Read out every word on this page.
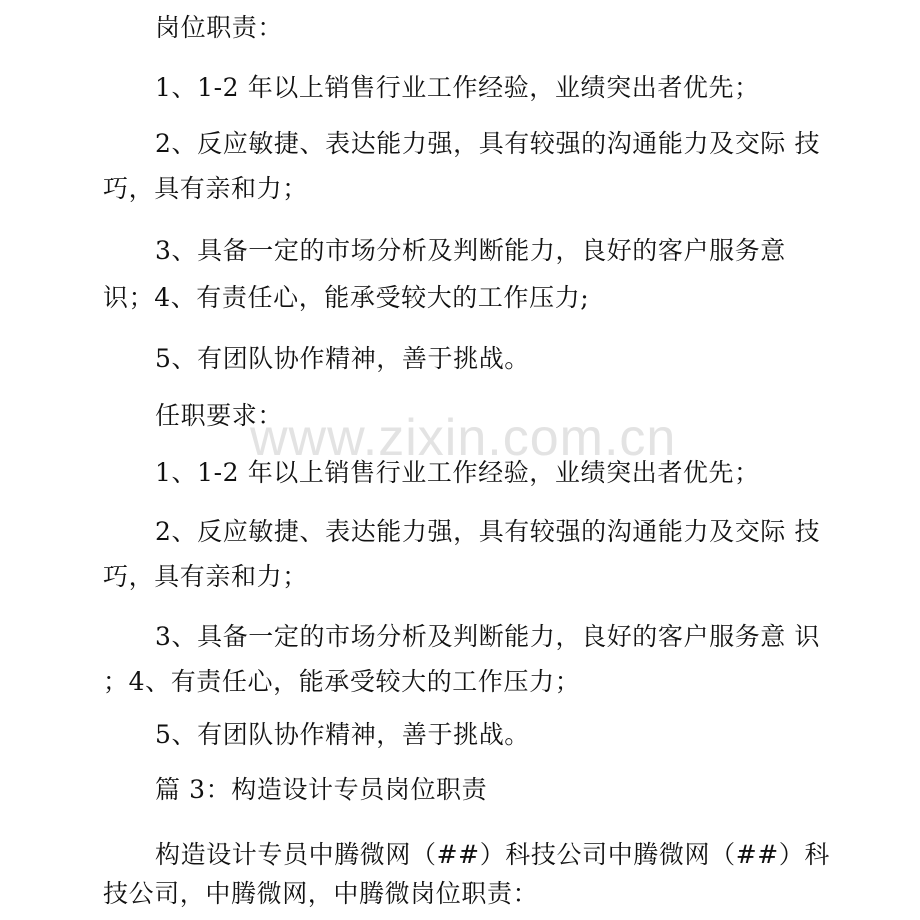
www.zixin.com.cn

岗位职责：

1、1-2 年以上销售行业工作经验，业绩突出者优先；

2、反应敏捷、表达能力强，具有较强的沟通能力及交际 技

巧，具有亲和力；

3、具备一定的市场分析及判断能力，良好的客户服务意

识；4、有责任心，能承受较大的工作压力;

5、有团队协作精神，善于挑战。

任职要求：

1、1-2 年以上销售行业工作经验，业绩突出者优先；

2、反应敏捷、表达能力强，具有较强的沟通能力及交际 技

巧，具有亲和力；

3、具备一定的市场分析及判断能力，良好的客户服务意 识

；4、有责任心，能承受较大的工作压力；

5、有团队协作精神，善于挑战。

篇 3：构造设计专员岗位职责

构造设计专员中腾微网（##）科技公司中腾微网（##）科

技公司，中腾微网，中腾微岗位职责：
